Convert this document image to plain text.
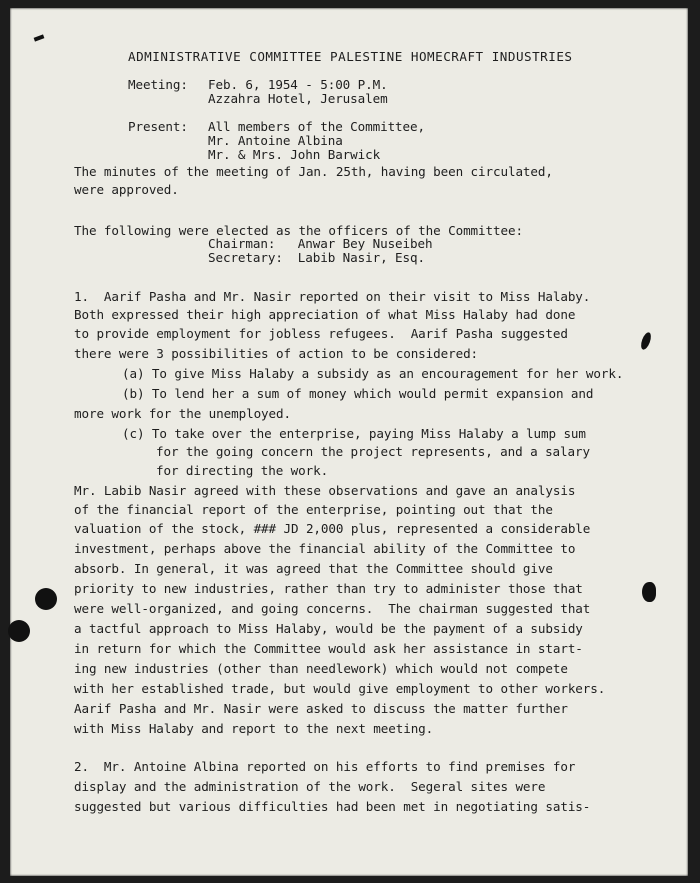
ADMINISTRATIVE COMMITTEE PALESTINE HOMECRAFT INDUSTRIES
Meeting: Feb. 6, 1954 - 5:00 P.M.
Azzahra Hotel, Jerusalem
Present: All members of the Committee,
Mr. Antoine Albina
Mr. & Mrs. John Barwick
The minutes of the meeting of Jan. 25th, having been circulated,
were approved.
The following were elected as the officers of the Committee:
Chairman:   Anwar Bey Nuseibeh
Secretary:  Labib Nasir, Esq.
1.  Aarif Pasha and Mr. Nasir reported on their visit to Miss Halaby.
Both expressed their high appreciation of what Miss Halaby had done
to provide employment for jobless refugees.  Aarif Pasha suggested
there were 3 possibilities of action to be considered:
(a) To give Miss Halaby a subsidy as an encouragement for her work.
(b) To lend her a sum of money which would permit expansion and
more work for the unemployed.
(c) To take over the enterprise, paying Miss Halaby a lump sum
for the going concern the project represents, and a salary
for directing the work.
Mr. Labib Nasir agreed with these observations and gave an analysis
of the financial report of the enterprise, pointing out that the
valuation of the stock, ### JD 2,000 plus, represented a considerable
investment, perhaps above the financial ability of the Committee to
absorb. In general, it was agreed that the Committee should give
priority to new industries, rather than try to administer those that
were well-organized, and going concerns.  The chairman suggested that
a tactful approach to Miss Halaby, would be the payment of a subsidy
in return for which the Committee would ask her assistance in start-
ing new industries (other than needlework) which would not compete
with her established trade, but would give employment to other workers.
Aarif Pasha and Mr. Nasir were asked to discuss the matter further
with Miss Halaby and report to the next meeting.
2.  Mr. Antoine Albina reported on his efforts to find premises for
display and the administration of the work.  Segeral sites were
suggested but various difficulties had been met in negotiating satis-
